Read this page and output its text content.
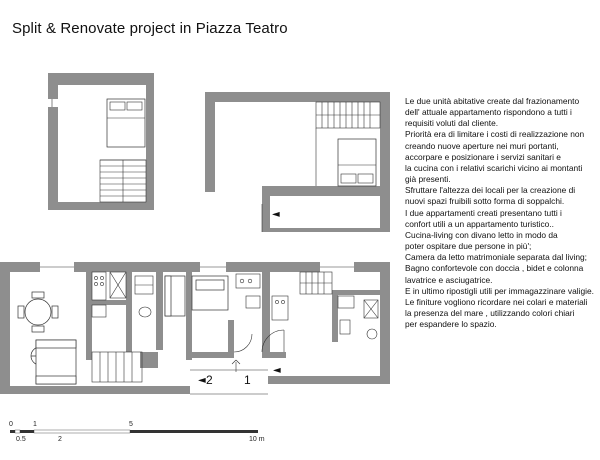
Split & Renovate project in Piazza Teatro
Le due unità abitative create dal frazionamento
dell' attuale appartamento rispondono a tutti i
requisiti voluti dal cliente.
Priorità era di limitare i costi di realizzazione non
creando nuove aperture nei muri portanti,
accorpare e posizionare i servizi sanitari e
la cucina con i relativi scarichi vicino ai montanti
già presenti.
Sfruttare l'altezza dei locali per la creazione di
nuovi spazi fruibili sotto forma di soppalchi.
I due appartamenti creati presentano tutti i
confort utili a un appartamento turistico..
Cucina-living con divano letto in modo da
poter ospitare due persone in più';
Camera da letto matrimoniale separata dal living;
Bagno confortevole con doccia , bidet e colonna
lavatrice e asciugatrice.
E in ultimo ripostigli utili per immagazzinare valigie.
Le finiture vogliono ricordare nei colari e materiali
la presenza del mare , utilizzando colori chiari
per espandere lo spazio.
◄
◄
◄
2	1
0	1	5
0.5	2	10 m
